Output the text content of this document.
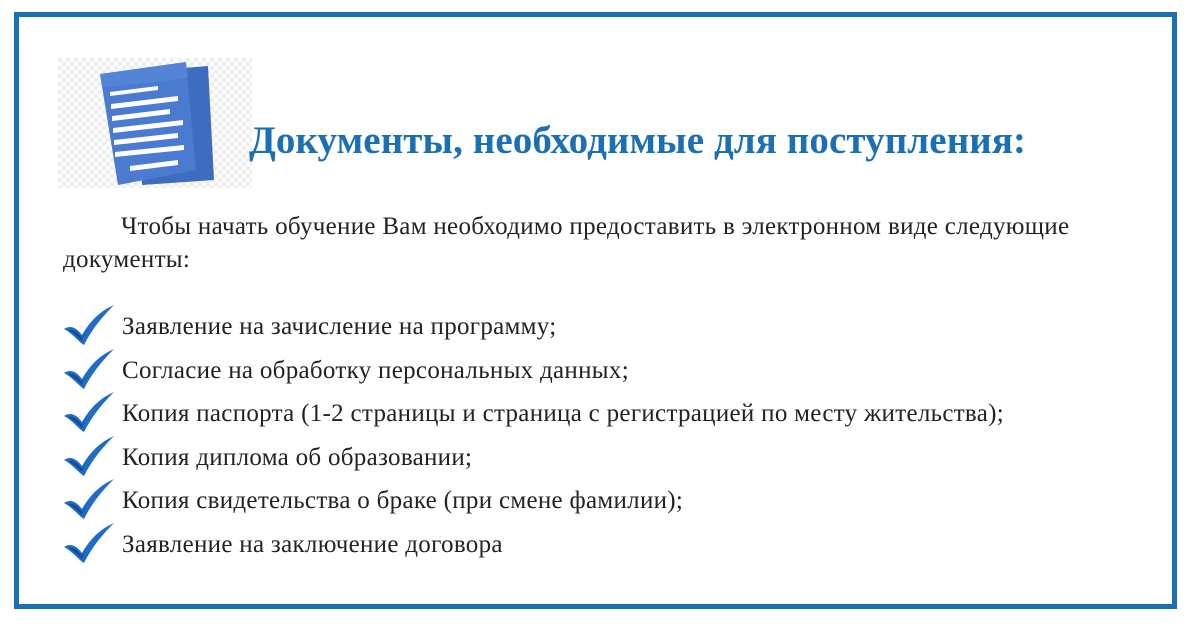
Документы, необходимые для поступления:

Чтобы начать обучение Вам необходимо предоставить в электронном виде следующие документы:

Заявление на зачисление на программу;
Согласие на обработку персональных данных;
Копия паспорта (1-2 страницы и страница с регистрацией по месту жительства);
Копия диплома об образовании;
Копия свидетельства о браке (при смене фамилии);
Заявление на заключение договора
